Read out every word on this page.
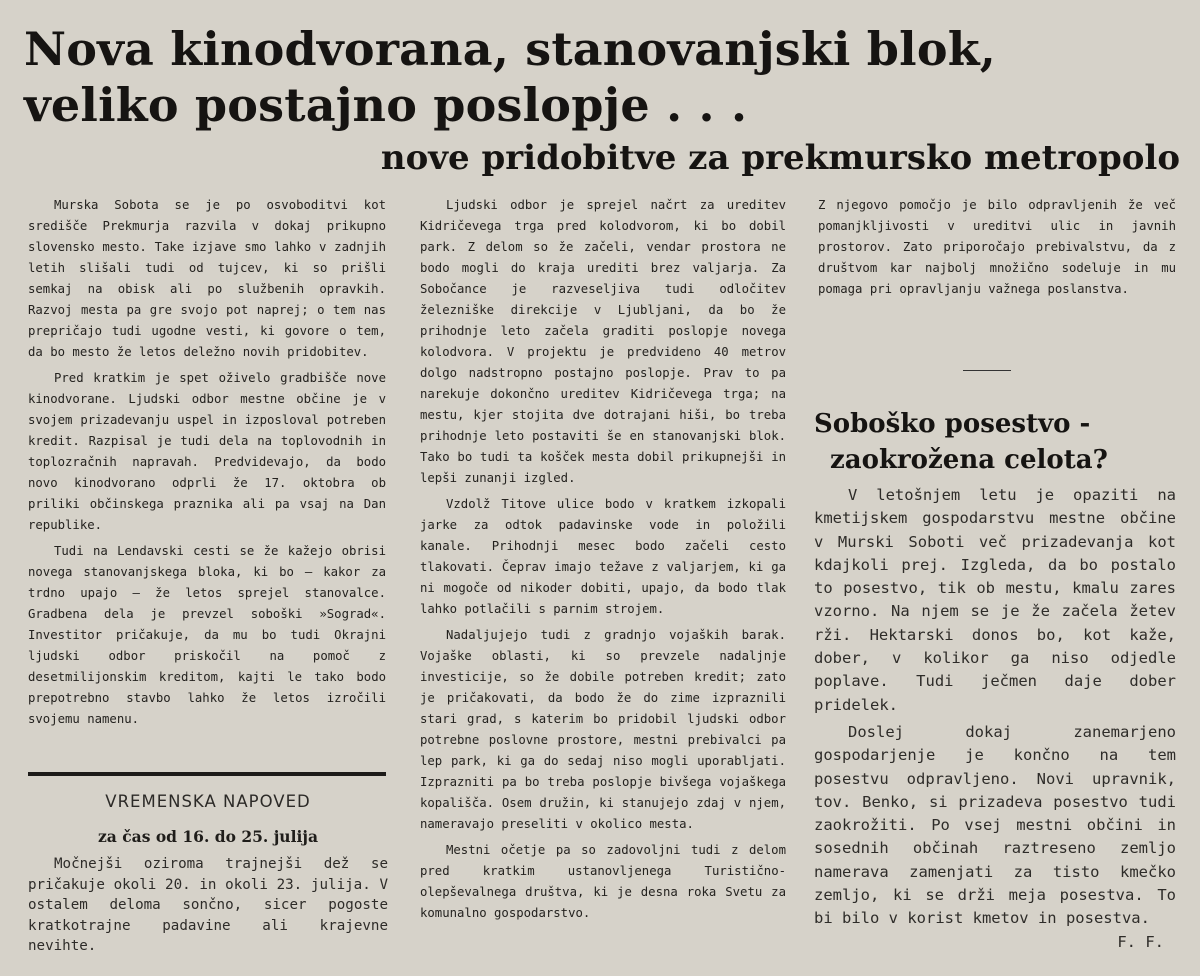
Nova kinodvorana, stanovanjski blok,
veliko postajno poslopje . . .
nove pridobitve za prekmursko metropolo

Murska Sobota se je po osvoboditvi kot središče Prekmurja razvila v dokaj prikupno slovensko mesto. Take izjave smo lahko v zadnjih letih slišali tudi od tujcev, ki so prišli semkaj na obisk ali po službenih opravkih. Razvoj mesta pa gre svojo pot naprej; o tem nas prepričajo tudi ugodne vesti, ki govore o tem, da bo mesto že letos deležno novih pridobitev.

Pred kratkim je spet oživelo gradbišče nove kinodvorane. Ljudski odbor mestne občine je v svojem prizadevanju uspel in izposloval potreben kredit. Razpisal je tudi dela na toplovodnih in toplozračnih napravah. Predvidevajo, da bodo novo kinodvorano odprli že 17. oktobra ob priliki občinskega praznika ali pa vsaj na Dan republike.

Tudi na Lendavski cesti se že kažejo obrisi novega stanovanjskega bloka, ki bo — kakor za trdno upajo — že letos sprejel stanovalce. Gradbena dela je prevzel soboški »Sograd«. Investitor pričakuje, da mu bo tudi Okrajni ljudski odbor priskočil na pomoč z desetmilijonskim kreditom, kajti le tako bodo prepotrebno stavbo lahko že letos izročili svojemu namenu.

VREMENSKA NAPOVED

za čas od 16. do 25. julija

Močnejši oziroma trajnejši dež se pričakuje okoli 20. in okoli 23. julija. V ostalem deloma sončno, sicer pogoste kratkotrajne padavine ali krajevne nevihte.

Ljudski odbor je sprejel načrt za ureditev Kidričevega trga pred kolodvorom, ki bo dobil park. Z delom so že začeli, vendar prostora ne bodo mogli do kraja urediti brez valjarja. Za Sobočance je razveseljiva tudi odločitev železniške direkcije v Ljubljani, da bo že prihodnje leto začela graditi poslopje novega kolodvora. V projektu je predvideno 40 metrov dolgo nadstropno postajno poslopje. Prav to pa narekuje dokončno ureditev Kidričevega trga; na mestu, kjer stojita dve dotrajani hiši, bo treba prihodnje leto postaviti še en stanovanjski blok. Tako bo tudi ta košček mesta dobil prikupnejši in lepši zunanji izgled.

Vzdolž Titove ulice bodo v kratkem izkopali jarke za odtok padavinske vode in položili kanale. Prihodnji mesec bodo začeli cesto tlakovati. Čeprav imajo težave z valjarjem, ki ga ni mogoče od nikoder dobiti, upajo, da bodo tlak lahko potlačili s parnim strojem.

Nadaljujejo tudi z gradnjo vojaških barak. Vojaške oblasti, ki so prevzele nadaljnje investicije, so že dobile potreben kredit; zato je pričakovati, da bodo že do zime izpraznili stari grad, s katerim bo pridobil ljudski odbor potrebne poslovne prostore, mestni prebivalci pa lep park, ki ga do sedaj niso mogli uporabljati. Izprazniti pa bo treba poslopje bivšega vojaškega kopališča. Osem družin, ki stanujejo zdaj v njem, nameravajo preseliti v okolico mesta.

Mestni očetje pa so zadovoljni tudi z delom pred kratkim ustanovljenega Turistično-olepševalnega društva, ki je desna roka Svetu za komunalno gospodarstvo.

Z njegovo pomočjo je bilo odpravljenih že več pomanjkljivosti v ureditvi ulic in javnih prostorov. Zato priporočajo prebivalstvu, da z društvom kar najbolj množično sodeluje in mu pomaga pri opravljanju važnega poslanstva.

Soboško posestvo -
zaokrožena celota?

V letošnjem letu je opaziti na kmetijskem gospodarstvu mestne občine v Murski Soboti več prizadevanja kot kdajkoli prej. Izgleda, da bo postalo to posestvo, tik ob mestu, kmalu zares vzorno. Na njem se je že začela žetev rži. Hektarski donos bo, kot kaže, dober, v kolikor ga niso odjedle poplave. Tudi ječmen daje dober pridelek.

Doslej dokaj zanemarjeno gospodarjenje je končno na tem posestvu odpravljeno. Novi upravnik, tov. Benko, si prizadeva posestvo tudi zaokrožiti. Po vsej mestni občini in sosednih občinah raztreseno zemljo namerava zamenjati za tisto kmečko zemljo, ki se drži meja posestva. To bi bilo v korist kmetov in posestva.
F. F.
